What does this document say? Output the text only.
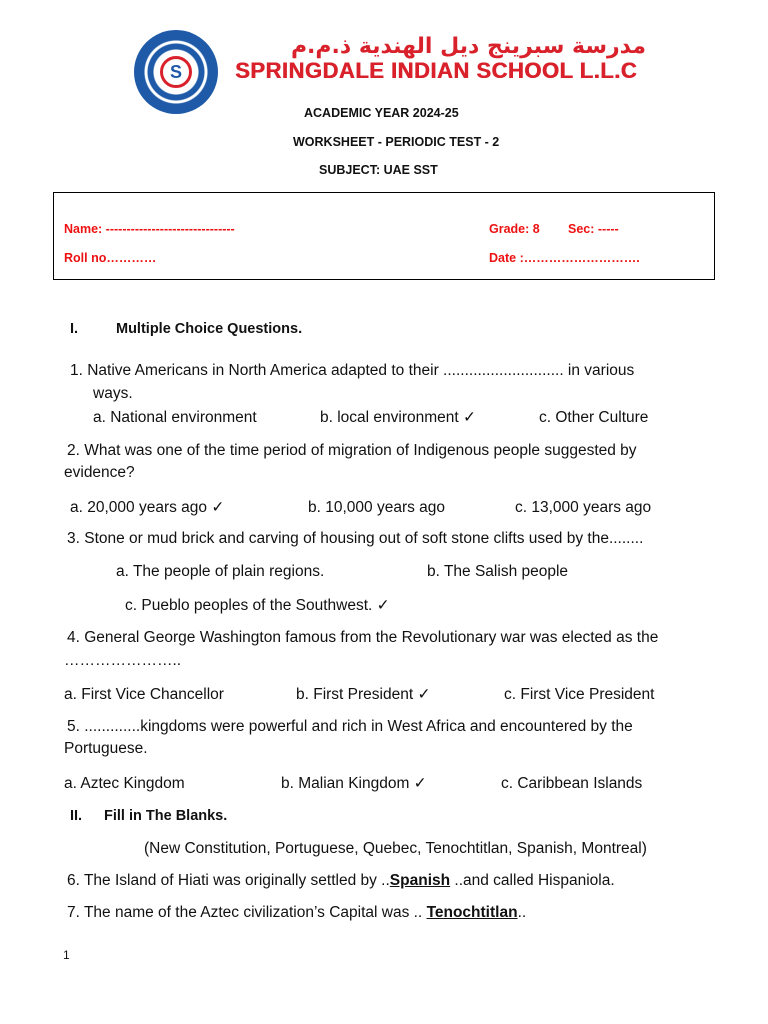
S
مدرسة سبرينج ديل الهندية ذ.م.م
SPRINGDALE INDIAN SCHOOL L.L.C
ACADEMIC YEAR 2024-25
WORKSHEET - PERIODIC TEST - 2
SUBJECT: UAE SST
Name: -------------------------------	Grade: 8 Sec: -----
Roll no…………	Date :……………………….
I.	Multiple Choice Questions.
1. Native Americans in North America adapted to their ............................ in various
ways.
a. National environment	b. local environment ✓	c. Other Culture
2. What was one of the time period of migration of Indigenous people suggested by
evidence?
a. 20,000 years ago ✓	b. 10,000 years ago	c. 13,000 years ago
3. Stone or mud brick and carving of housing out of soft stone clifts used by the........
a. The people of plain regions.	b. The Salish people
c. Pueblo peoples of the Southwest. ✓
4. General George Washington famous from the Revolutionary war was elected as the
…………………..
a. First Vice Chancellor	b. First President ✓	c. First Vice President
5. .............kingdoms were powerful and rich in West Africa and encountered by the
Portuguese.
a. Aztec Kingdom	b. Malian Kingdom ✓	c. Caribbean Islands
II. Fill in The Blanks.
(New Constitution, Portuguese, Quebec, Tenochtitlan, Spanish, Montreal)
6. The Island of Hiati was originally settled by ..Spanish ..and called Hispaniola.
7. The name of the Aztec civilization’s Capital was .. Tenochtitlan..
1
